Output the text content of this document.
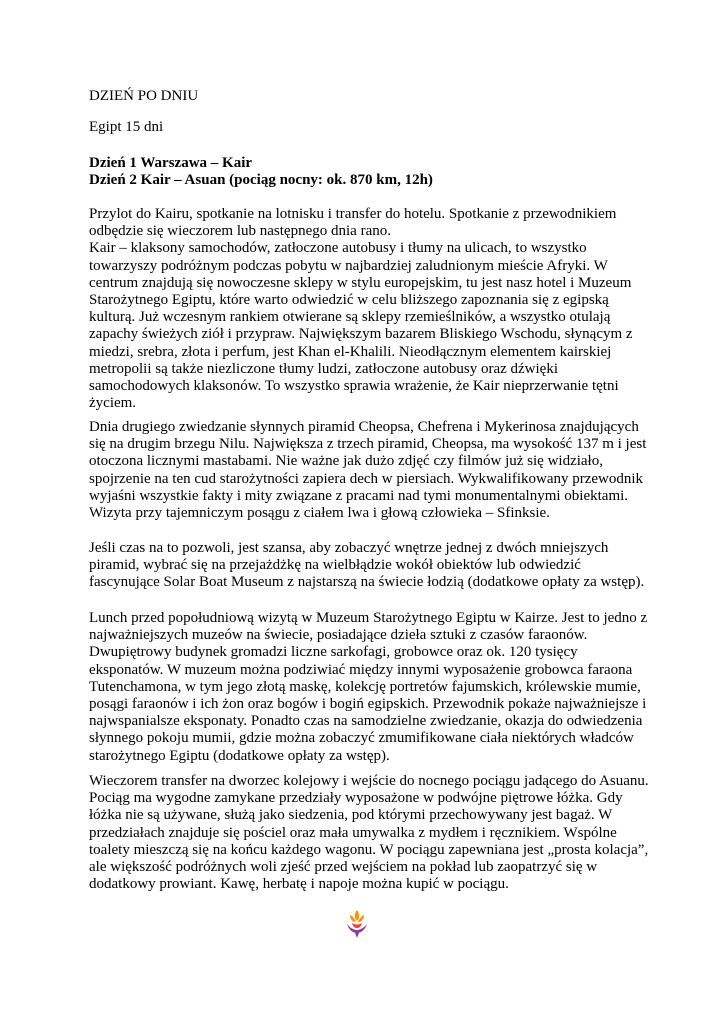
DZIEŃ PO DNIU
Egipt 15 dni
Dzień 1 Warszawa – Kair
Dzień 2 Kair – Asuan (pociąg nocny: ok. 870 km, 12h)

Przylot do Kairu, spotkanie na lotnisku i transfer do hotelu. Spotkanie z przewodnikiem odbędzie się wieczorem lub następnego dnia rano.
Kair – klaksony samochodów, zatłoczone autobusy i tłumy na ulicach, to wszystko towarzyszy podróżnym podczas pobytu w najbardziej zaludnionym mieście Afryki. W centrum znajdują się nowoczesne sklepy w stylu europejskim, tu jest nasz hotel i Muzeum Starożytnego Egiptu, które warto odwiedzić w celu bliższego zapoznania się z egipską kulturą. Już wczesnym rankiem otwierane są sklepy rzemieślników, a wszystko otulają zapachy świeżych ziół i przypraw. Największym bazarem Bliskiego Wschodu, słynącym z miedzi, srebra, złota i perfum, jest Khan el-Khalili. Nieodłącznym elementem kairskiej metropolii są także niezliczone tłumy ludzi, zatłoczone autobusy oraz dźwięki samochodowych klaksonów. To wszystko sprawia wrażenie, że Kair nieprzerwanie tętni życiem.

Dnia drugiego zwiedzanie słynnych piramid Cheopsa, Chefrena i Mykerinosa znajdujących się na drugim brzegu Nilu. Największa z trzech piramid, Cheopsa, ma wysokość 137 m i jest otoczona licznymi mastabami. Nie ważne jak dużo zdjęć czy filmów już się widziało, spojrzenie na ten cud starożytności zapiera dech w piersiach. Wykwalifikowany przewodnik wyjaśni wszystkie fakty i mity związane z pracami nad tymi monumentalnymi obiektami. Wizyta przy tajemniczym posągu z ciałem lwa i głową człowieka – Sfinksie.

Jeśli czas na to pozwoli, jest szansa, aby zobaczyć wnętrze jednej z dwóch mniejszych piramid, wybrać się na przejażdżkę na wielbłądzie wokół obiektów lub odwiedzić fascynujące Solar Boat Museum z najstarszą na świecie łodzią (dodatkowe opłaty za wstęp).

Lunch przed popołudniową wizytą w Muzeum Starożytnego Egiptu w Kairze. Jest to jedno z najważniejszych muzeów na świecie, posiadające dzieła sztuki z czasów faraonów. Dwupiętrowy budynek gromadzi liczne sarkofagi, grobowce oraz ok. 120 tysięcy eksponatów. W muzeum można podziwiać między innymi wyposażenie grobowca faraona Tutenchamona, w tym jego złotą maskę, kolekcję portretów fajumskich, królewskie mumie, posągi faraonów i ich żon oraz bogów i bogiń egipskich. Przewodnik pokaże najważniejsze i najwspanialsze eksponaty. Ponadto czas na samodzielne zwiedzanie, okazja do odwiedzenia słynnego pokoju mumii, gdzie można zobaczyć zmumifikowane ciała niektórych władców starożytnego Egiptu (dodatkowe opłaty za wstęp).

Wieczorem transfer na dworzec kolejowy i wejście do nocnego pociągu jadącego do Asuanu. Pociąg ma wygodne zamykane przedziały wyposażone w podwójne piętrowe łóżka. Gdy łóżka nie są używane, służą jako siedzenia, pod którymi przechowywany jest bagaż. W przedziałach znajduje się pościel oraz mała umywalka z mydłem i ręcznikiem. Wspólne toalety mieszczą się na końcu każdego wagonu. W pociągu zapewniana jest „prosta kolacja”, ale większość podróżnych woli zjeść przed wejściem na pokład lub zaopatrzyć się w dodatkowy prowiant. Kawę, herbatę i napoje można kupić w pociągu.
